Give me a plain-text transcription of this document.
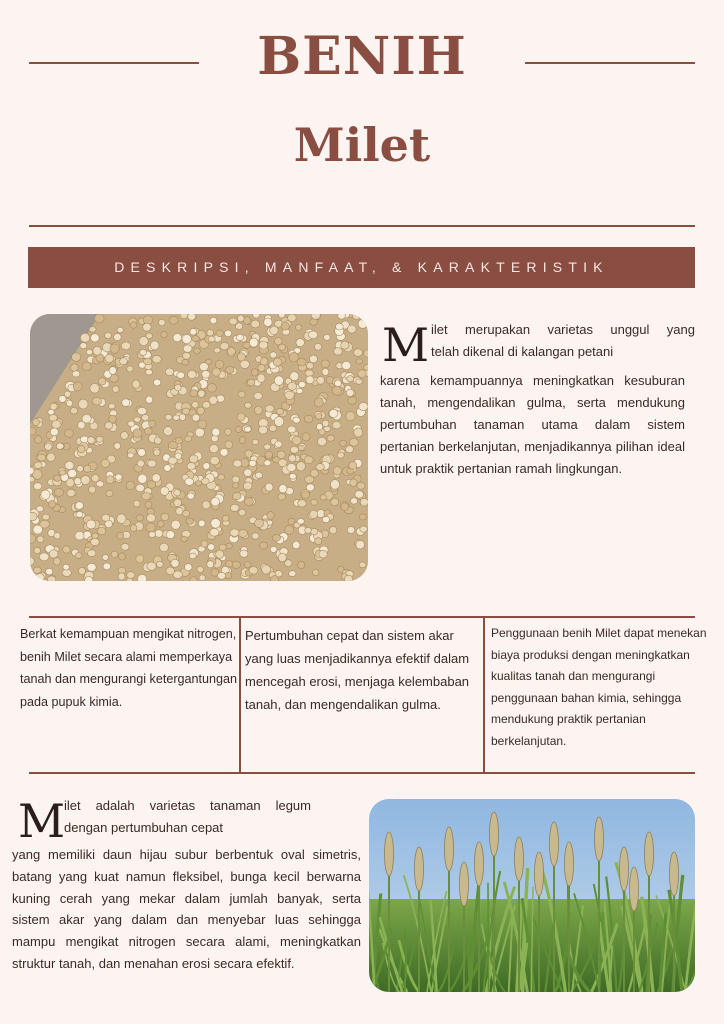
BENIH
Milet
DESKRIPSI, MANFAAT, & KARAKTERISTIK
M ilet merupakan varietas unggul yang
telah dikenal di kalangan petani
karena kemampuannya meningkatkan kesuburan tanah, mengendalikan gulma, serta mendukung pertumbuhan tanaman utama dalam sistem pertanian berkelanjutan, menjadikannya pilihan ideal untuk praktik pertanian ramah lingkungan.
Berkat kemampuan mengikat nitrogen, benih Milet secara alami memperkaya tanah dan mengurangi ketergantungan pada pupuk kimia.
Pertumbuhan cepat dan sistem akar yang luas menjadikannya efektif dalam mencegah erosi, menjaga kelembaban tanah, dan mengendalikan gulma.
Penggunaan benih Milet dapat menekan biaya produksi dengan meningkatkan kualitas tanah dan mengurangi penggunaan bahan kimia, sehingga mendukung praktik pertanian berkelanjutan.
M
ilet adalah varietas tanaman legum
dengan pertumbuhan cepat
yang memiliki daun hijau subur berbentuk oval simetris, batang yang kuat namun fleksibel, bunga kecil berwarna kuning cerah yang mekar dalam jumlah banyak, serta sistem akar yang dalam dan menyebar luas sehingga mampu mengikat nitrogen secara alami, meningkatkan struktur tanah, dan menahan erosi secara efektif.
